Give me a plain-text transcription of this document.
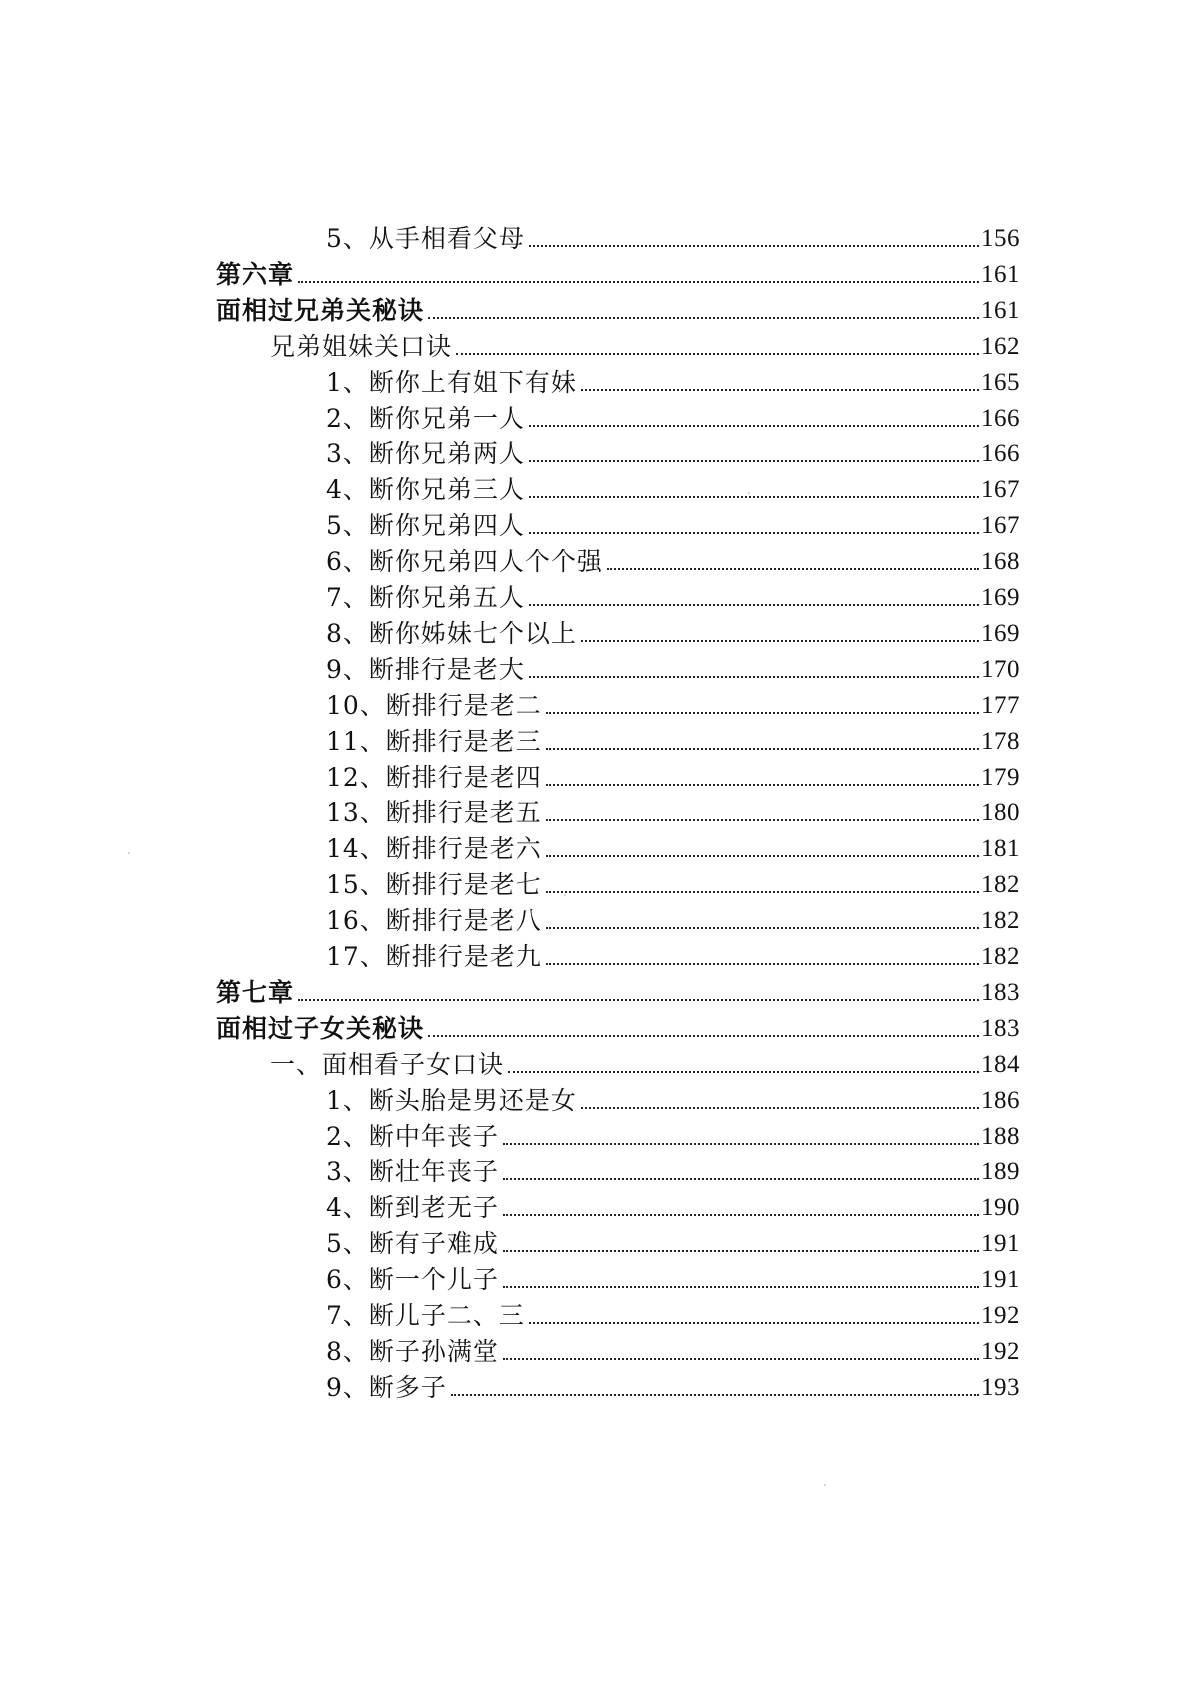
5、从手相看父母	156
第六章	161
面相过兄弟关秘诀	161
兄弟姐妹关口诀	162
1、断你上有姐下有妹	165
2、断你兄弟一人	166
3、断你兄弟两人	166
4、断你兄弟三人	167
5、断你兄弟四人	167
6、断你兄弟四人个个强	168
7、断你兄弟五人	169
8、断你姊妹七个以上	169
9、断排行是老大	170
10、断排行是老二	177
11、断排行是老三	178
12、断排行是老四	179
13、断排行是老五	180
14、断排行是老六	181
15、断排行是老七	182
16、断排行是老八	182
17、断排行是老九	182
第七章	183
面相过子女关秘诀	183
一、面相看子女口诀	184
1、断头胎是男还是女	186
2、断中年丧子	188
3、断壮年丧子	189
4、断到老无子	190
5、断有子难成	191
6、断一个儿子	191
7、断儿子二、三	192
8、断子孙满堂	192
9、断多子	193
